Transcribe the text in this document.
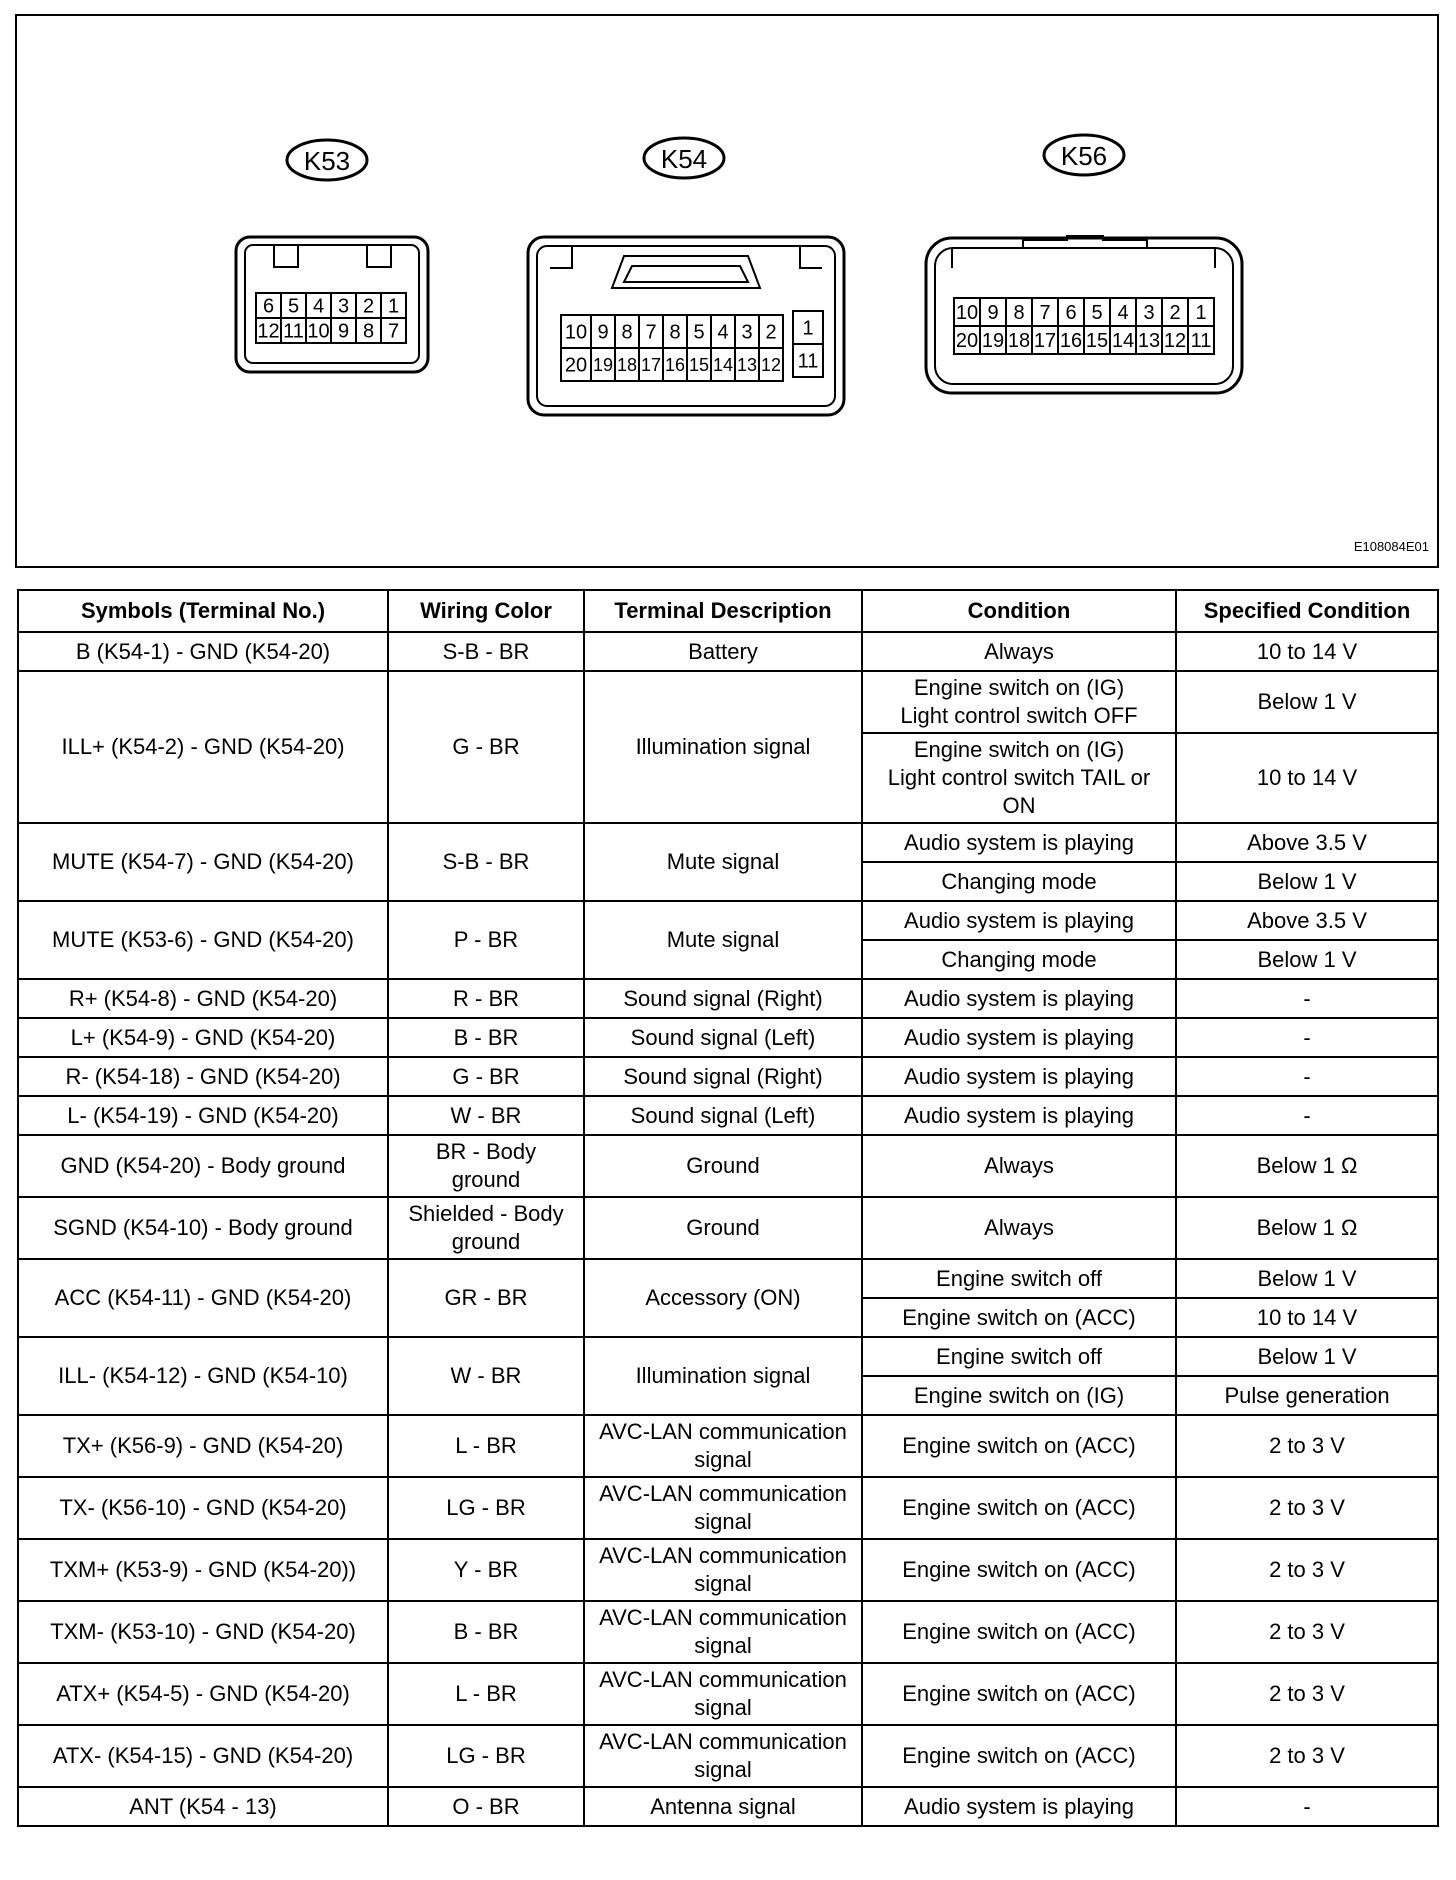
K53
6 5 4 3 2 1
12 11 10 9 8 7
K54
10
20
9
19
8
18
7
17
8
16
5
15
4
14
3
13
2
12
1
11
K56
10 9 8 7 6 5 4 3 2 1
20 19 18 17 16 15 14 13 12 11
E108084E01
Symbols (Terminal No.)	Wiring Color	Terminal Description	Condition	Specified Condition
B (K54-1) - GND (K54-20)	S-B - BR	Battery	Always	10 to 14 V
ILL+ (K54-2) - GND (K54-20)	G - BR	Illumination signal	Engine switch on (IG)
Light control switch OFF	Below 1 V
			Engine switch on (IG)
Light control switch TAIL or
ON	10 to 14 V
MUTE (K54-7) - GND (K54-20)	S-B - BR	Mute signal	Audio system is playing	Above 3.5 V
			Changing mode	Below 1 V
MUTE (K53-6) - GND (K54-20)	P - BR	Mute signal	Audio system is playing	Above 3.5 V
			Changing mode	Below 1 V
R+ (K54-8) - GND (K54-20)	R - BR	Sound signal (Right)	Audio system is playing	-
L+ (K54-9) - GND (K54-20)	B - BR	Sound signal (Left)	Audio system is playing	-
R- (K54-18) - GND (K54-20)	G - BR	Sound signal (Right)	Audio system is playing	-
L- (K54-19) - GND (K54-20)	W - BR	Sound signal (Left)	Audio system is playing	-
GND (K54-20) - Body ground	BR - Body
ground	Ground	Always	Below 1 Ω
SGND (K54-10) - Body ground	Shielded - Body
ground	Ground	Always	Below 1 Ω
ACC (K54-11) - GND (K54-20)	GR - BR	Accessory (ON)	Engine switch off	Below 1 V
			Engine switch on (ACC)	10 to 14 V
ILL- (K54-12) - GND (K54-10)	W - BR	Illumination signal	Engine switch off	Below 1 V
			Engine switch on (IG)	Pulse generation
TX+ (K56-9) - GND (K54-20)	L - BR	AVC-LAN communication
signal	Engine switch on (ACC)	2 to 3 V
TX- (K56-10) - GND (K54-20)	LG - BR	AVC-LAN communication
signal	Engine switch on (ACC)	2 to 3 V
TXM+ (K53-9) - GND (K54-20))	Y - BR	AVC-LAN communication
signal	Engine switch on (ACC)	2 to 3 V
TXM- (K53-10) - GND (K54-20)	B - BR	AVC-LAN communication
signal	Engine switch on (ACC)	2 to 3 V
ATX+ (K54-5) - GND (K54-20)	L - BR	AVC-LAN communication
signal	Engine switch on (ACC)	2 to 3 V
ATX- (K54-15) - GND (K54-20)	LG - BR	AVC-LAN communication
signal	Engine switch on (ACC)	2 to 3 V
ANT (K54 - 13)	O - BR	Antenna signal	Audio system is playing	-
